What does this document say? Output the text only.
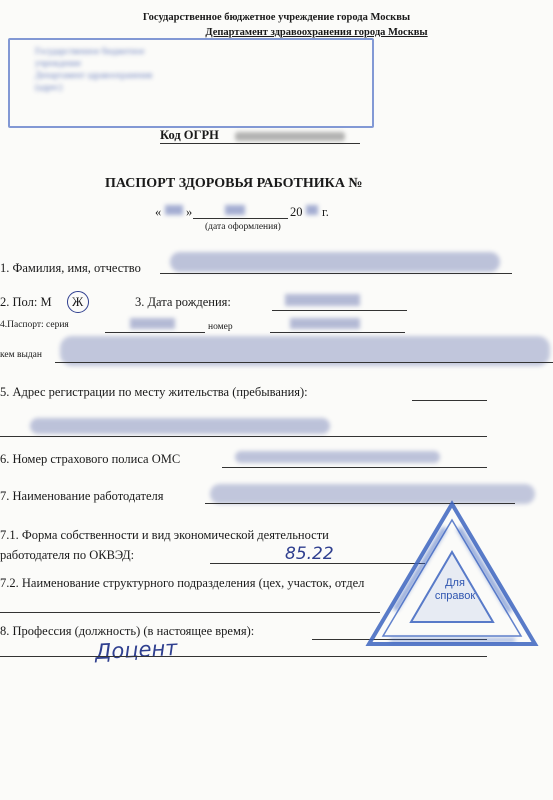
Государственное бюджетное учреждение города Москвы
Департамент здравоохранения города Москвы
Государственное бюджетное
учреждение
Департамент здравоохранения
(адрес)
Код ОГРН
ПАСПОРТ ЗДОРОВЬЯ РАБОТНИКА №
« »	20 г.
(дата оформления)
1. Фамилия, имя, отчество
2. Пол: М Ж	3. Дата рождения:
4.Паспорт: серия	номер
кем выдан
5. Адрес регистрации по месту жительства (пребывания):
6. Номер страхового полиса ОМС
7. Наименование работодателя
7.1. Форма собственности и вид экономической деятельности
работодателя по ОКВЭД:	85.22
7.2. Наименование структурного подразделения (цех, участок, отдел
8. Профессия (должность) (в настоящее время):
Доцент
Для
справок
